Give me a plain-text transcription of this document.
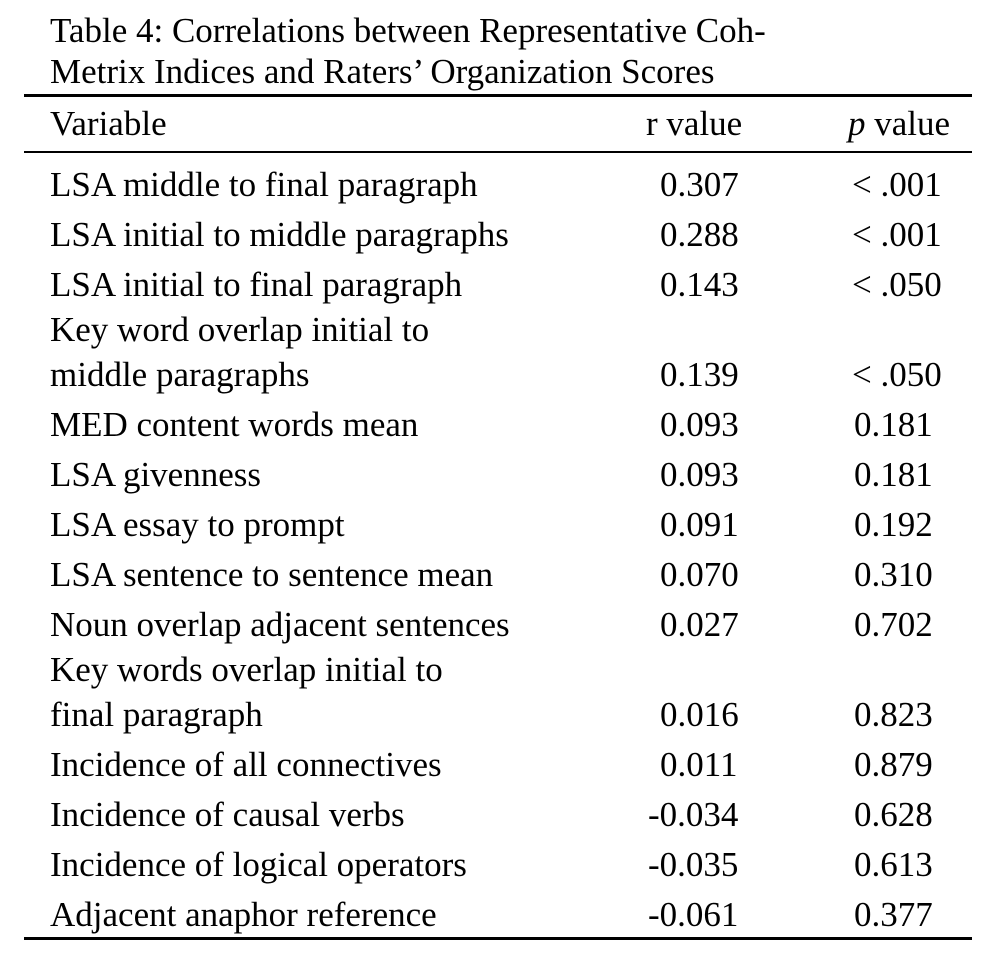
Table 4: Correlations between Representative Coh-
Metrix Indices and Raters’ Organization Scores
Variable	r value	p value

LSA middle to final paragraph	0.307	< .001

LSA initial to middle paragraphs	0.288	< .001

LSA initial to final paragraph	0.143	< .050

Key word overlap initial to
middle paragraphs	0.139	< .050

MED content words mean	0.093	0.181

LSA givenness	0.093	0.181

LSA essay to prompt	0.091	0.192

LSA sentence to sentence mean	0.070	0.310

Noun overlap adjacent sentences	0.027	0.702

Key words overlap initial to
final paragraph	0.016	0.823

Incidence of all connectives	0.011	0.879

Incidence of causal verbs	-0.034	0.628

Incidence of logical operators	-0.035	0.613

Adjacent anaphor reference	-0.061	0.377
